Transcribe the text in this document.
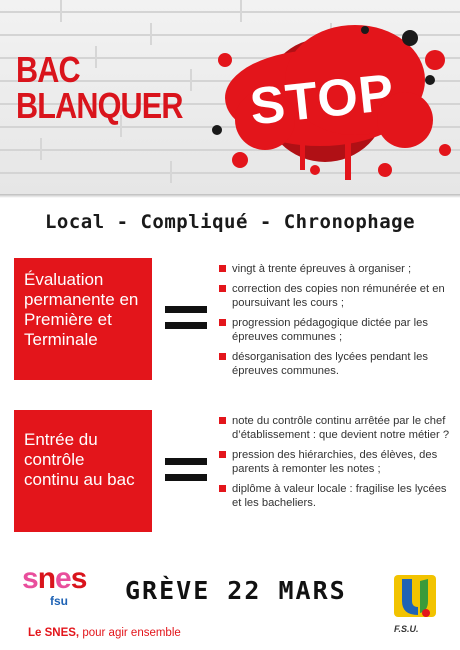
BAC
BLANQUER STOP
Local - Compliqué - Chronophage
Évaluation permanente en Première et Terminale
vingt à trente épreuves à organiser ;
correction des copies non rémunérée et en poursuivant les cours ;
progression pédagogique dictée par les épreuves communes ;
désorganisation des lycées pendant les épreuves communes.
Entrée du contrôle continu au bac
note du contrôle continu arrêtée par le chef d’établissement : que devient notre métier ?
pression des hiérarchies, des élèves, des parents à remonter les notes ;
diplôme à valeur locale : fragilise les lycées et les bacheliers.
snes
fsu
Le SNES, pour agir ensemble
GRÈVE 22 MARS
F.S.U.
